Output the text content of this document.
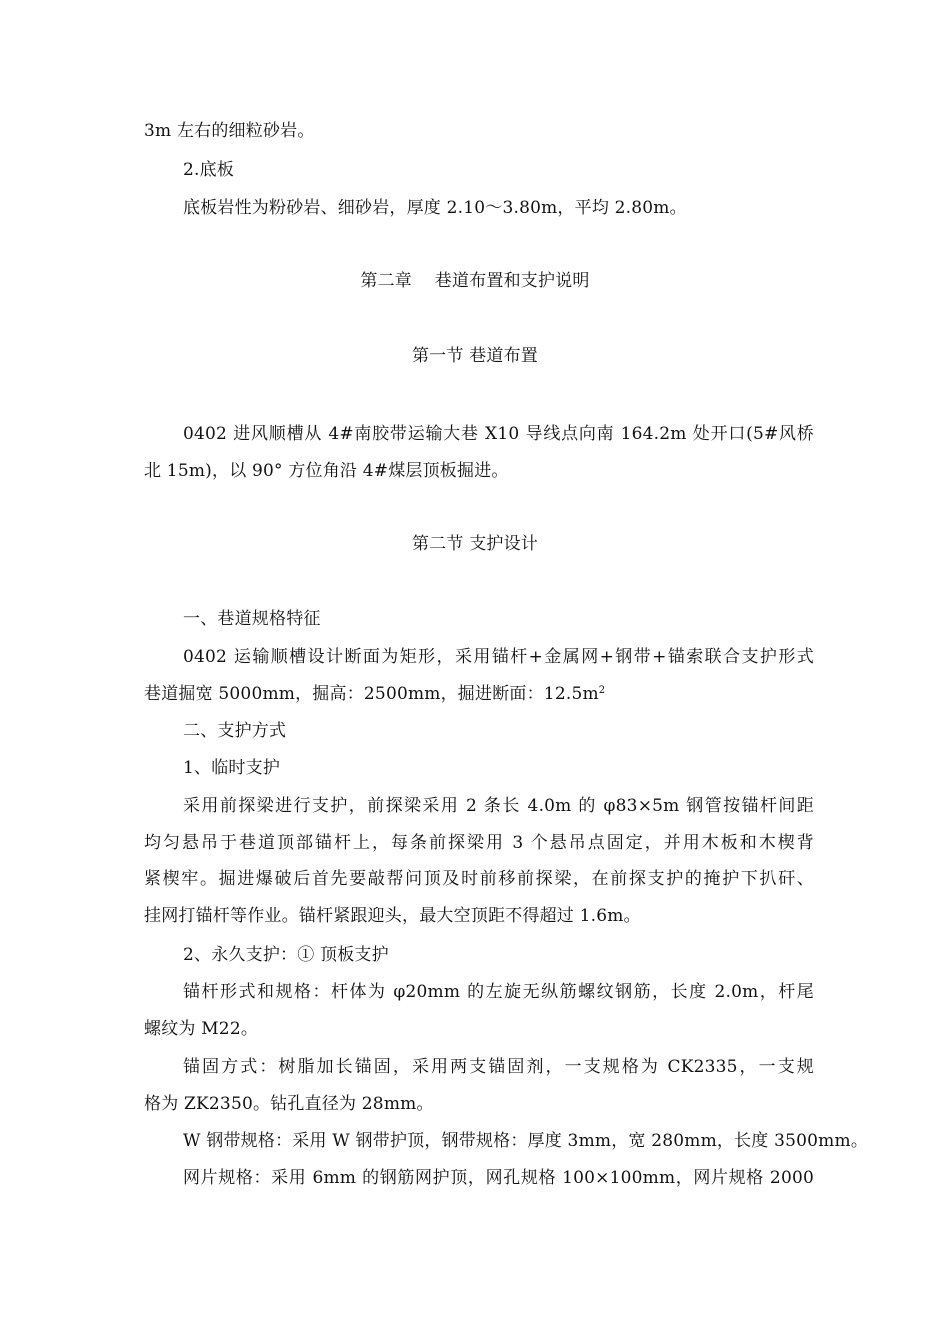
3m 左右的细粒砂岩。
2.底板
底板岩性为粉砂岩、细砂岩，厚度 2.10～3.80m，平均 2.80m。
第二章　 巷道布置和支护说明
第一节 巷道布置
0402 进风顺槽从 4#南胶带运输大巷 X10 导线点向南 164.2m 处开口(5#风桥
北 15m)，以 90° 方位角沿 4#煤层顶板掘进。
第二节 支护设计
一、巷道规格特征
0402 运输顺槽设计断面为矩形，采用锚杆+金属网+钢带+锚索联合支护形式
巷道掘宽 5000mm，掘高：2500mm，掘进断面：$12.5m^2$
二、支护方式
1、临时支护
采用前探梁进行支护，前探梁采用 2 条长 4.0m 的 φ83×5m 钢管按锚杆间距
均匀悬吊于巷道顶部锚杆上，每条前探梁用 3 个悬吊点固定，并用木板和木楔背
紧楔牢。掘进爆破后首先要敲帮问顶及时前移前探梁，在前探支护的掩护下扒矸、
挂网打锚杆等作业。锚杆紧跟迎头，最大空顶距不得超过 1.6m。
2、永久支护：① 顶板支护
锚杆形式和规格：杆体为 φ20mm 的左旋无纵筋螺纹钢筋，长度 2.0m，杆尾
螺纹为 M22。
锚固方式：树脂加长锚固，采用两支锚固剂，一支规格为 CK2335，一支规
格为 ZK2350。钻孔直径为 28mm。
W 钢带规格：采用 W 钢带护顶，钢带规格：厚度 3mm，宽 280mm，长度 3500mm。
网片规格：采用 6mm 的钢筋网护顶，网孔规格 100×100mm，网片规格 2000
